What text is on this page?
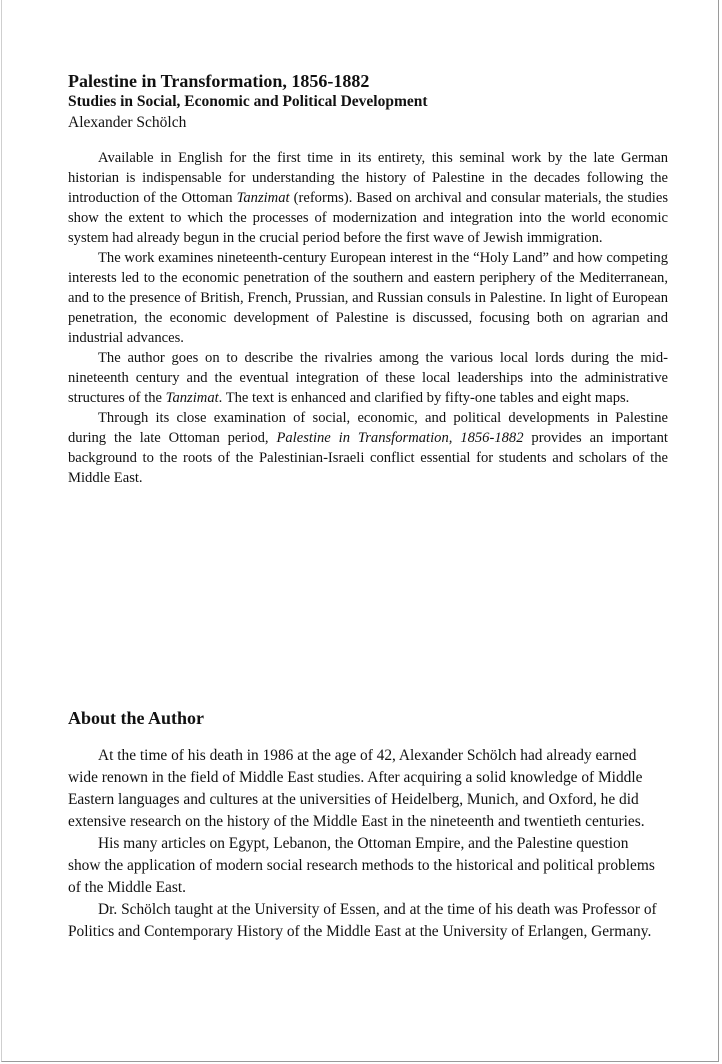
Palestine in Transformation, 1856-1882
Studies in Social, Economic and Political Development
Alexander Schölch

Available in English for the first time in its entirety, this seminal work by the late German historian is indispensable for understanding the history of Palestine in the decades following the introduction of the Ottoman Tanzimat (reforms). Based on archival and consular materials, the studies show the extent to which the processes of modernization and integration into the world economic system had already begun in the crucial period before the first wave of Jewish immigration.

The work examines nineteenth-century European interest in the “Holy Land” and how competing interests led to the economic penetration of the southern and eastern periphery of the Mediterranean, and to the presence of British, French, Prussian, and Russian consuls in Palestine. In light of European penetration, the economic development of Palestine is discussed, focusing both on agrarian and industrial advances.

The author goes on to describe the rivalries among the various local lords during the mid-nineteenth century and the eventual integration of these local leaderships into the administrative structures of the Tanzimat. The text is enhanced and clarified by fifty-one tables and eight maps.

Through its close examination of social, economic, and political developments in Palestine during the late Ottoman period, Palestine in Transformation, 1856-1882 provides an important background to the roots of the Palestinian-Israeli conflict essential for students and scholars of the Middle East.

About the Author

At the time of his death in 1986 at the age of 42, Alexander Schölch had already earned wide renown in the field of Middle East studies. After acquiring a solid knowledge of Middle Eastern languages and cultures at the universities of Heidelberg, Munich, and Oxford, he did extensive research on the history of the Middle East in the nineteenth and twentieth centuries.

His many articles on Egypt, Lebanon, the Ottoman Empire, and the Palestine question show the application of modern social research methods to the historical and political problems of the Middle East.

Dr. Schölch taught at the University of Essen, and at the time of his death was Professor of Politics and Contemporary History of the Middle East at the University of Erlangen, Germany.
